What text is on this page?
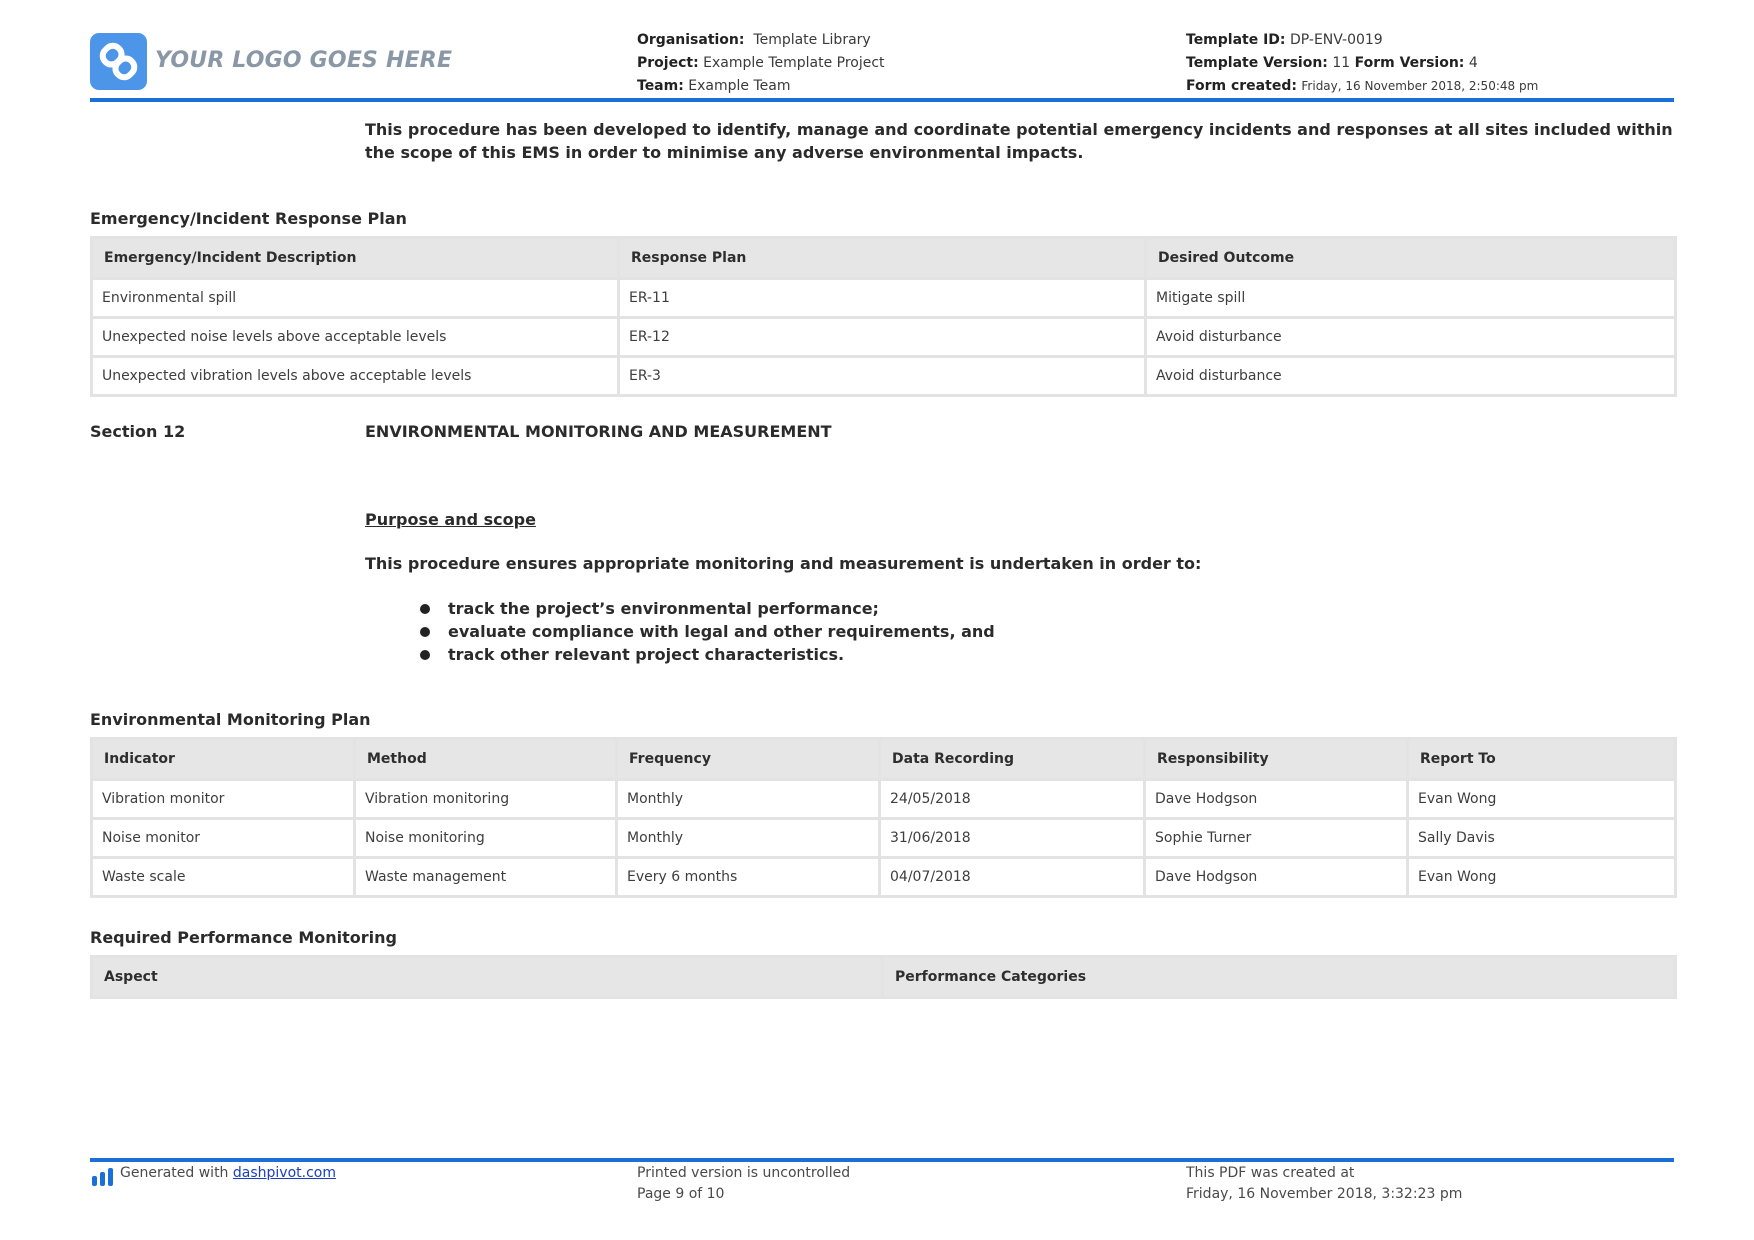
YOUR LOGO GOES HERE
Organisation: Template Library
Project: Example Template Project
Team: Example Team
Template ID: DP-ENV-0019
Template Version: 11 Form Version: 4
Form created: Friday, 16 November 2018, 2:50:48 pm
This procedure has been developed to identify, manage and coordinate potential emergency incidents and responses at all sites included within the scope of this EMS in order to minimise any adverse environmental impacts.
Emergency/Incident Response Plan
Emergency/Incident Description	Response Plan	Desired Outcome
Environmental spill	ER-11	Mitigate spill
Unexpected noise levels above acceptable levels	ER-12	Avoid disturbance
Unexpected vibration levels above acceptable levels	ER-3	Avoid disturbance
Section 12	ENVIRONMENTAL MONITORING AND MEASUREMENT
Purpose and scope
This procedure ensures appropriate monitoring and measurement is undertaken in order to:
track the project’s environmental performance;
evaluate compliance with legal and other requirements, and
track other relevant project characteristics.
Environmental Monitoring Plan
Indicator	Method	Frequency	Data Recording	Responsibility	Report To
Vibration monitor	Vibration monitoring	Monthly	24/05/2018	Dave Hodgson	Evan Wong
Noise monitor	Noise monitoring	Monthly	31/06/2018	Sophie Turner	Sally Davis
Waste scale	Waste management	Every 6 months	04/07/2018	Dave Hodgson	Evan Wong
Required Performance Monitoring
Aspect	Performance Categories
Generated with dashpivot.com	Printed version is uncontrolled
Page 9 of 10
This PDF was created at
Friday, 16 November 2018, 3:32:23 pm
